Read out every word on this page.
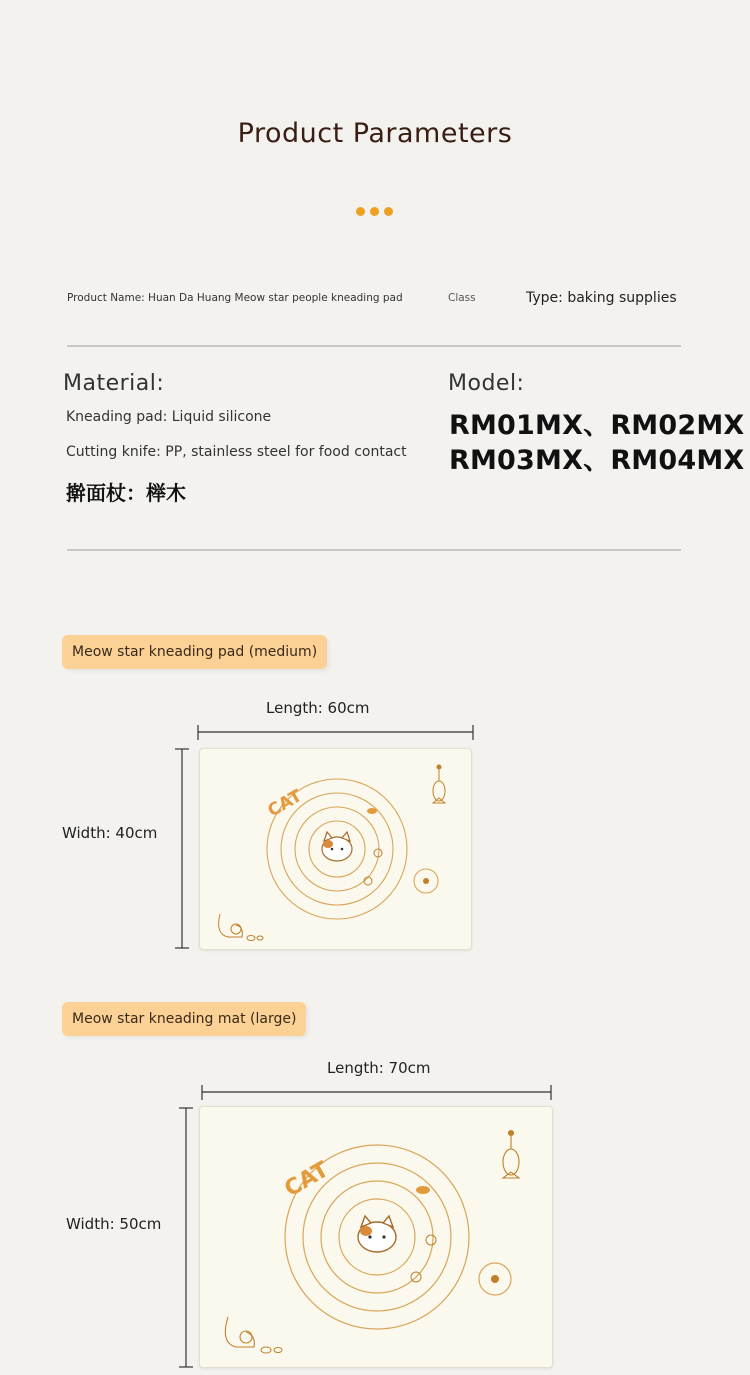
Product Parameters
Product Name: Huan Da Huang Meow star people kneading pad	Class	Type: baking supplies
Material:
Kneading pad: Liquid silicone
Cutting knife: PP, stainless steel for food contact
擀面杖：榉木
Model:
RM01MX、RM02MX
RM03MX、RM04MX
Meow star kneading pad (medium)
Length: 60cm
Width: 40cm
CAT
Meow star kneading mat (large)
Length: 70cm
Width: 50cm
CAT
